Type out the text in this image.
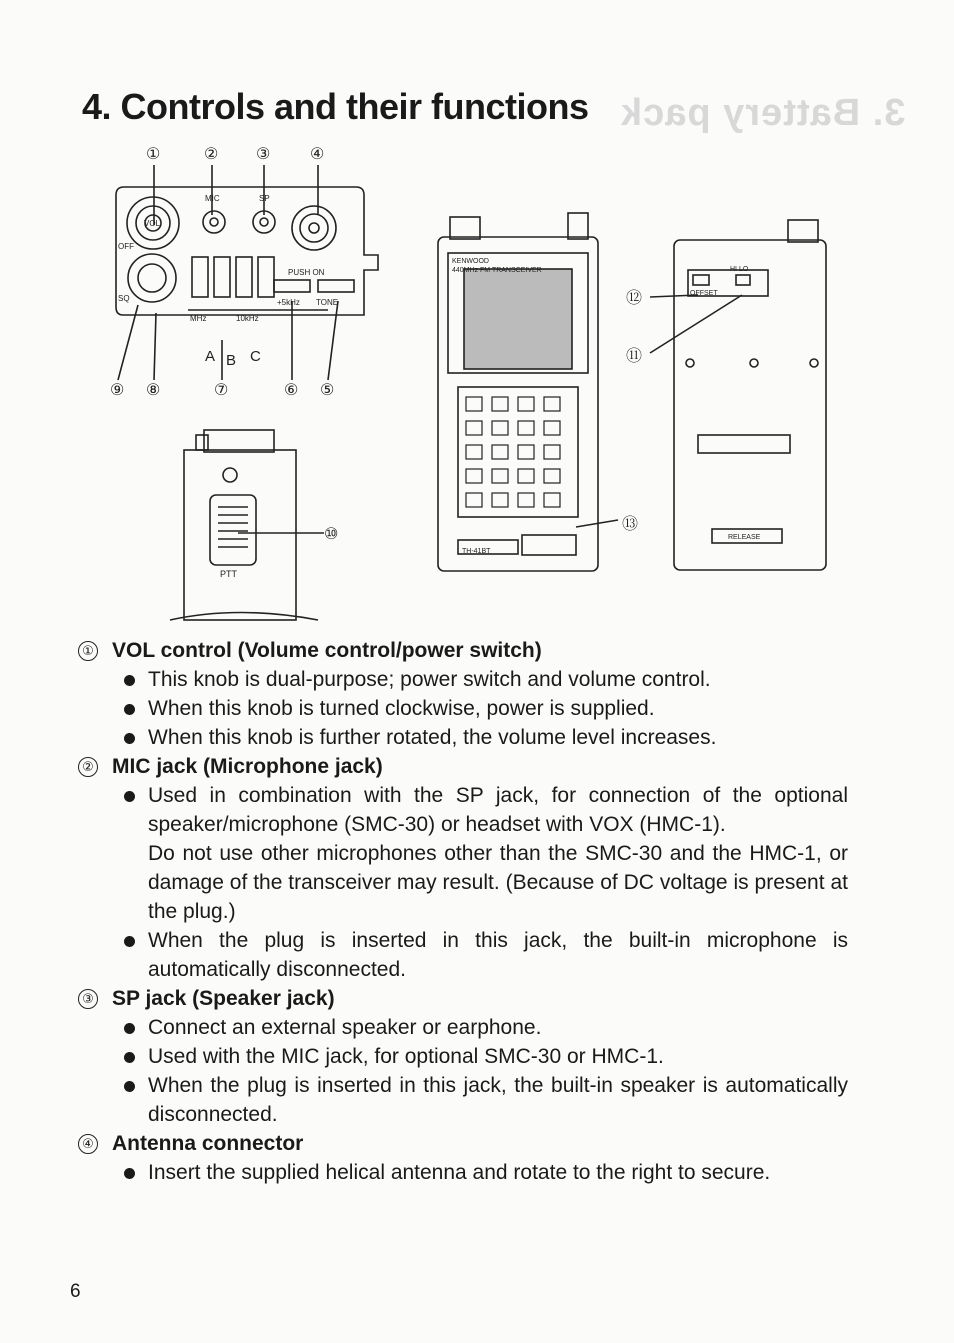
3. Battery pack
4. Controls and their functions
①	② ③ ④
MIC	SP
OFF
SQ
VOL
PUSH ON
+5kHz TONE
MHz	10kHz
A B C
⑨ ⑧	⑦	⑥ ⑤
PTT
⑩
KENWOOD
440MHz FM TRANSCEIVER
TH-41BT
⑬
OFFSET
HI LO
RELEASE
⑫
⑪

① VOL control (Volume control/power switch)

This knob is dual-purpose; power switch and volume control.
When this knob is turned clockwise, power is supplied.
When this knob is further rotated, the volume level increases.

② MIC jack (Microphone jack)

Used in combination with the SP jack, for connection of the optional speaker/microphone (SMC-30) or headset with VOX (HMC-1).

Do not use other microphones other than the SMC-30 and the HMC-1, or damage of the transceiver may result. (Because of DC voltage is present at the plug.)

When the plug is inserted in this jack, the built-in microphone is automatically disconnected.

③ SP jack (Speaker jack)

Connect an external speaker or earphone.
Used with the MIC jack, for optional SMC-30 or HMC-1.
When the plug is inserted in this jack, the built-in speaker is automatically disconnected.

④ Antenna connector

Insert the supplied helical antenna and rotate to the right to secure.
6
